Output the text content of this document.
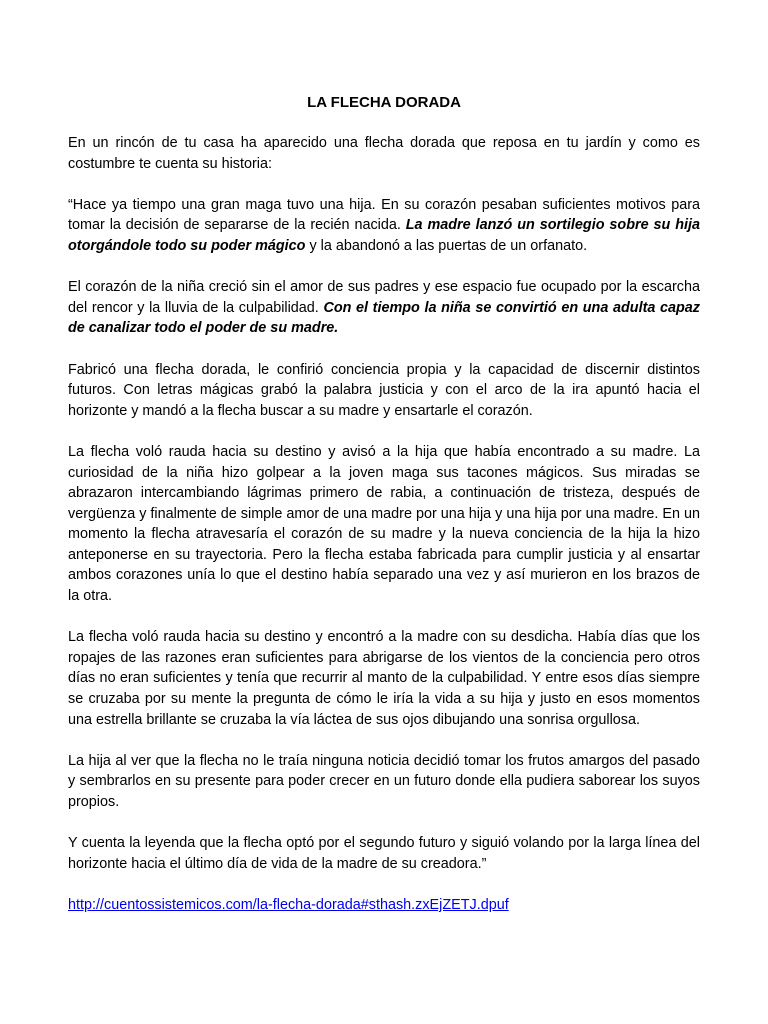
LA FLECHA DORADA

En un rincón de tu casa ha aparecido una flecha dorada que reposa en tu jardín y como es costumbre te cuenta su historia:

“Hace ya tiempo una gran maga tuvo una hija. En su corazón pesaban suficientes motivos para tomar la decisión de separarse de la recién nacida. La madre lanzó un sortilegio sobre su hija otorgándole todo su poder mágico y la abandonó a las puertas de un orfanato.

El corazón de la niña creció sin el amor de sus padres y ese espacio fue ocupado por la escarcha del rencor y la lluvia de la culpabilidad. Con el tiempo la niña se convirtió en una adulta capaz de canalizar todo el poder de su madre.

Fabricó una flecha dorada, le confirió conciencia propia y la capacidad de discernir distintos futuros. Con letras mágicas grabó la palabra justicia y con el arco de la ira apuntó hacia el horizonte y mandó a la flecha buscar a su madre y ensartarle el corazón.

La flecha voló rauda hacia su destino y avisó a la hija que había encontrado a su madre. La curiosidad de la niña hizo golpear a la joven maga sus tacones mágicos. Sus miradas se abrazaron intercambiando lágrimas primero de rabia, a continuación de tristeza, después de vergüenza y finalmente de simple amor de una madre por una hija y una hija por una madre. En un momento la flecha atravesaría el corazón de su madre y la nueva conciencia de la hija la hizo anteponerse en su trayectoria. Pero la flecha estaba fabricada para cumplir justicia y al ensartar ambos corazones unía lo que el destino había separado una vez y así murieron en los brazos de la otra.

La flecha voló rauda hacia su destino y encontró a la madre con su desdicha. Había días que los ropajes de las razones eran suficientes para abrigarse de los vientos de la conciencia pero otros días no eran suficientes y tenía que recurrir al manto de la culpabilidad. Y entre esos días siempre se cruzaba por su mente la pregunta de cómo le iría la vida a su hija y justo en esos momentos una estrella brillante se cruzaba la vía láctea de sus ojos dibujando una sonrisa orgullosa.

La hija al ver que la flecha no le traía ninguna noticia decidió tomar los frutos amargos del pasado y sembrarlos en su presente para poder crecer en un futuro donde ella pudiera saborear los suyos propios.

Y cuenta la leyenda que la flecha optó por el segundo futuro y siguió volando por la larga línea del horizonte hacia el último día de vida de la madre de su creadora.”

http://cuentossistemicos.com/la-flecha-dorada#sthash.zxEjZETJ.dpuf
